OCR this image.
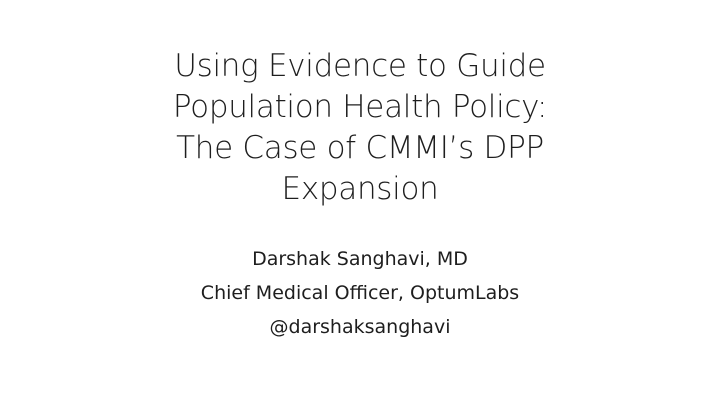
Using Evidence to Guide
Population Health Policy:
The Case of CMMI’s DPP
Expansion
Darshak Sanghavi, MD
Chief Medical Officer, OptumLabs
@darshaksanghavi
